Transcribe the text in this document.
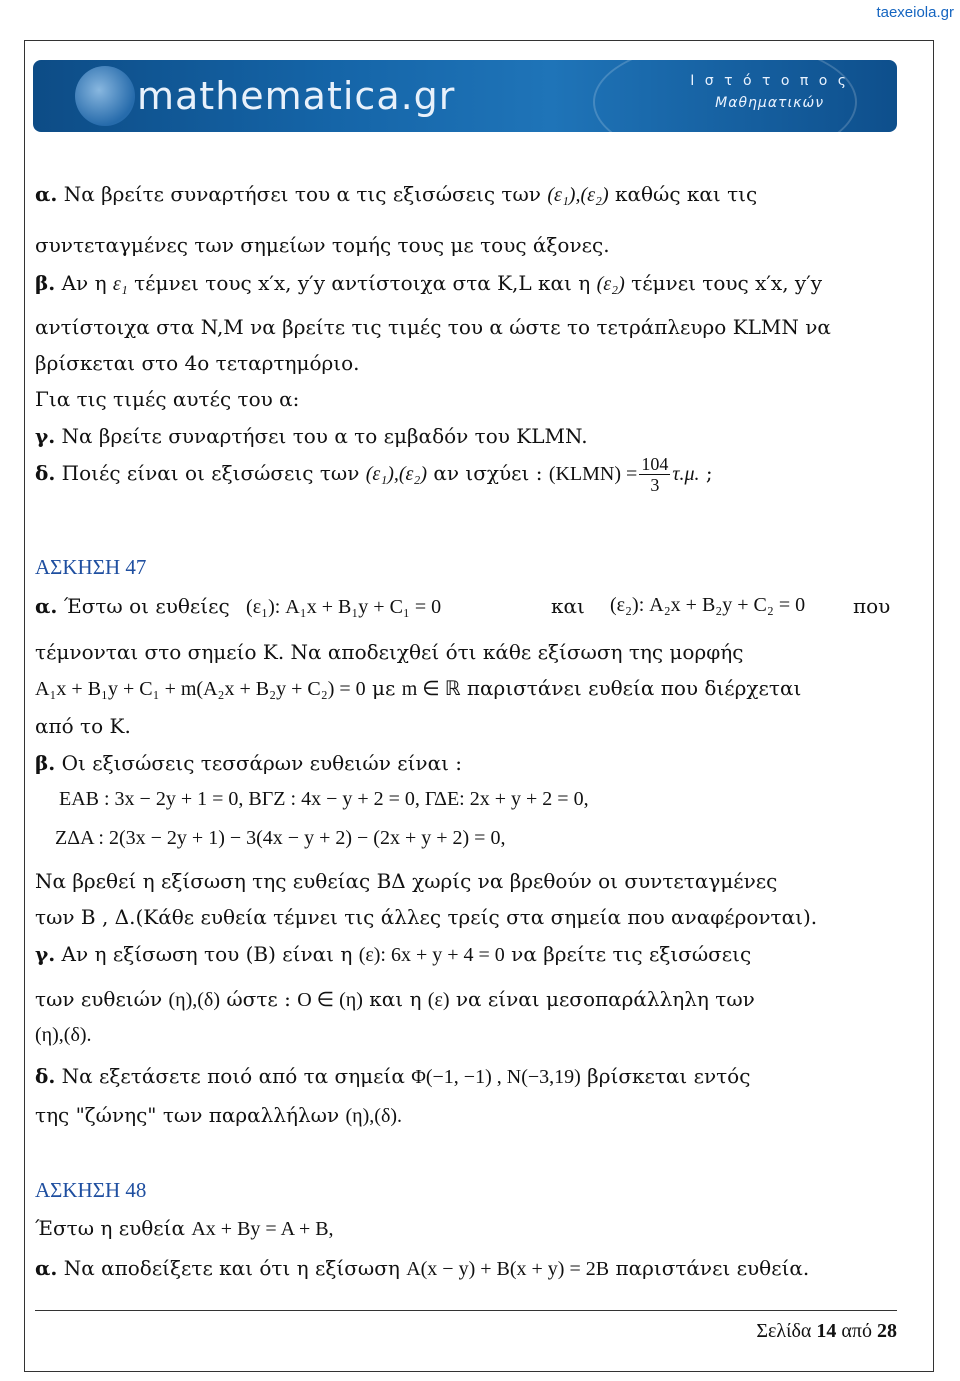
taexeiola.gr
mathematica.gr	Ι σ τ ό τ ο π ο ς
Μαθηματικών
α. Να βρείτε συναρτήσει του α τις εξισώσεις των (ε₁),(ε₂) καθώς και τις
συντεταγμένες των σημείων τομής τους με τους άξονες.
β. Αν η ε₁ τέμνει τους x′x, y′y αντίστοιχα στα K,L και η (ε₂) τέμνει τους x′x, y′y
αντίστοιχα στα N,M να βρείτε τις τιμές του α ώστε το τετράπλευρο KLMN να
βρίσκεται στο 4ο τεταρτημόριο.
Για τις τιμές αυτές του α:
γ. Να βρείτε συναρτήσει του α το εμβαδόν του KLMN.
δ. Ποιές είναι οι εξισώσεις των (ε₁),(ε₂) αν ισχύει : (KLMN) = $\frac{104}{3} \tau.\mu$. ;
ΑΣΚΗΣΗ 47
α. Έστω οι ευθείες (ε₁): A₁x + B₁y + C₁ = 0	και (ε₂): A₂x + B₂y + C₂ = 0 που
τέμνονται στο σημείο K. Να αποδειχθεί ότι κάθε εξίσωση της μορφής
A₁x + B₁y + C₁ + m(A₂x + B₂y + C₂) = 0 με m ∈ ℝ παριστάνει ευθεία που διέρχεται
από το K.
β. Οι εξισώσεις τεσσάρων ευθειών είναι :
ΕΑΒ : 3x − 2y + 1 = 0, ΒΓΖ : 4x − y + 2 = 0, ΓΔΕ: 2x + y + 2 = 0,
ΖΔΑ : 2(3x − 2y + 1) − 3(4x − y + 2) − (2x + y + 2) = 0,
Να βρεθεί η εξίσωση της ευθείας ΒΔ χωρίς να βρεθούν οι συντεταγμένες
των Β , Δ.(Κάθε ευθεία τέμνει τις άλλες τρείς στα σημεία που αναφέρονται).
γ. Αν η εξίσωση του (Β) είναι η (ε): 6x + y + 4 = 0 να βρείτε τις εξισώσεις
των ευθειών (η),(δ) ώστε : O ∈ (η) και η (ε) να είναι μεσοπαράλληλη των
(η),(δ).
δ. Να εξετάσετε ποιό από τα σημεία Φ(−1, −1) , N(−3,19) βρίσκεται εντός
της "ζώνης" των παραλλήλων (η),(δ).
ΑΣΚΗΣΗ 48
Έστω η ευθεία Ax + By = A + B,
α. Να αποδείξετε και ότι η εξίσωση A(x − y) + B(x + y) = 2B παριστάνει ευθεία.
Σελίδα 14 από 28
